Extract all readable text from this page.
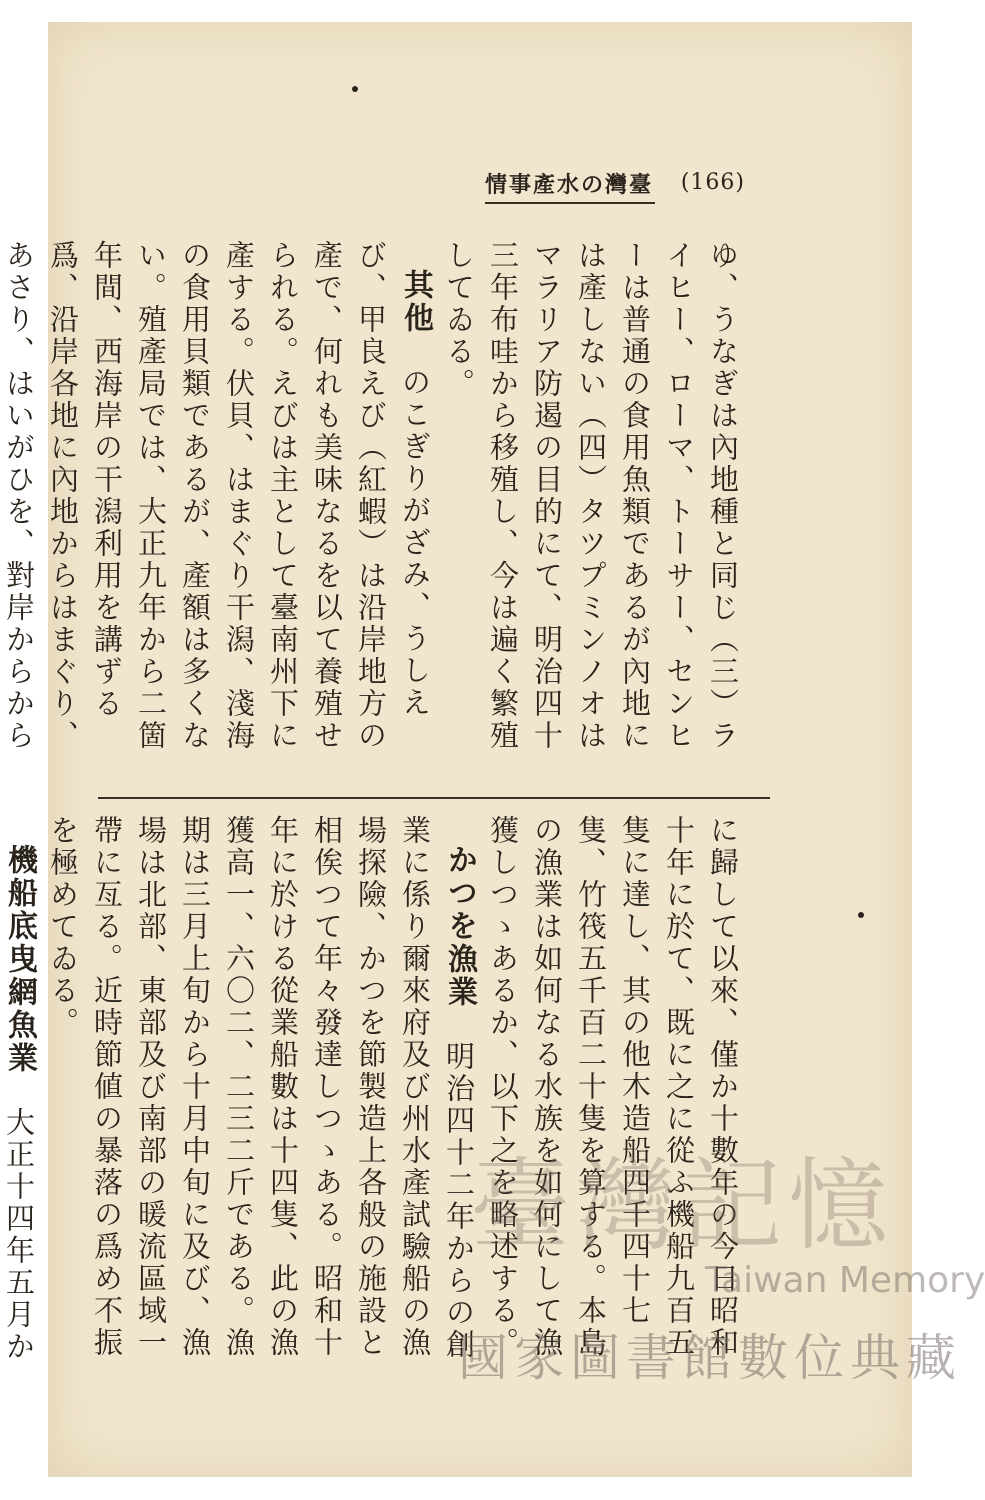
臺灣の水產事情 (166)

ゆ、うなぎは內地種と同じ（三）ライヒー、ローマ、トーサー、センヒーは普通の食用魚類であるが內地には產しない（四）タツプミンノオはマラリア防遏の目的にて、明治四十三年布哇から移殖し、今は遍く繁殖してゐる。

其他　のこぎりがざみ、うしえび、甲良えび（紅蝦）は沿岸地方の產で、何れも美味なるを以て養殖せられる。えびは主として臺南州下に產する。伏貝、はまぐり干潟、淺海の食用貝類であるが、產額は多くない。殖產局では、大正九年から二箇年間、西海岸の干潟利用を講ずる爲、沿岸各地に內地からはまぐり、あさり、はいがひを、對岸からから

に歸して以來、僅か十數年の今日昭和十年に於て、既に之に從ふ機船九百五隻に達し、其の他木造船四千四十七隻、竹筏五千百二十隻を算する。本島の漁業は如何なる水族を如何にして漁獲しつゝあるか、以下之を略述する。

かつを漁業　明治四十二年からの創業に係り爾來府及び州水產試驗船の漁場探險、かつを節製造上各般の施設と相俟つて年々發達しつゝある。昭和十年に於ける從業船數は十四隻、此の漁獲高一、六〇二、二三二斤である。漁期は三月上旬から十月中旬に及び、漁場は北部、東部及び南部の暖流區域一帶に亙る。近時節値の暴落の爲め不振を極めてゐる。

機船底曳網魚業　大正十四年五月か

臺灣記憶
Taiwan Memory
國家圖書館數位典藏
